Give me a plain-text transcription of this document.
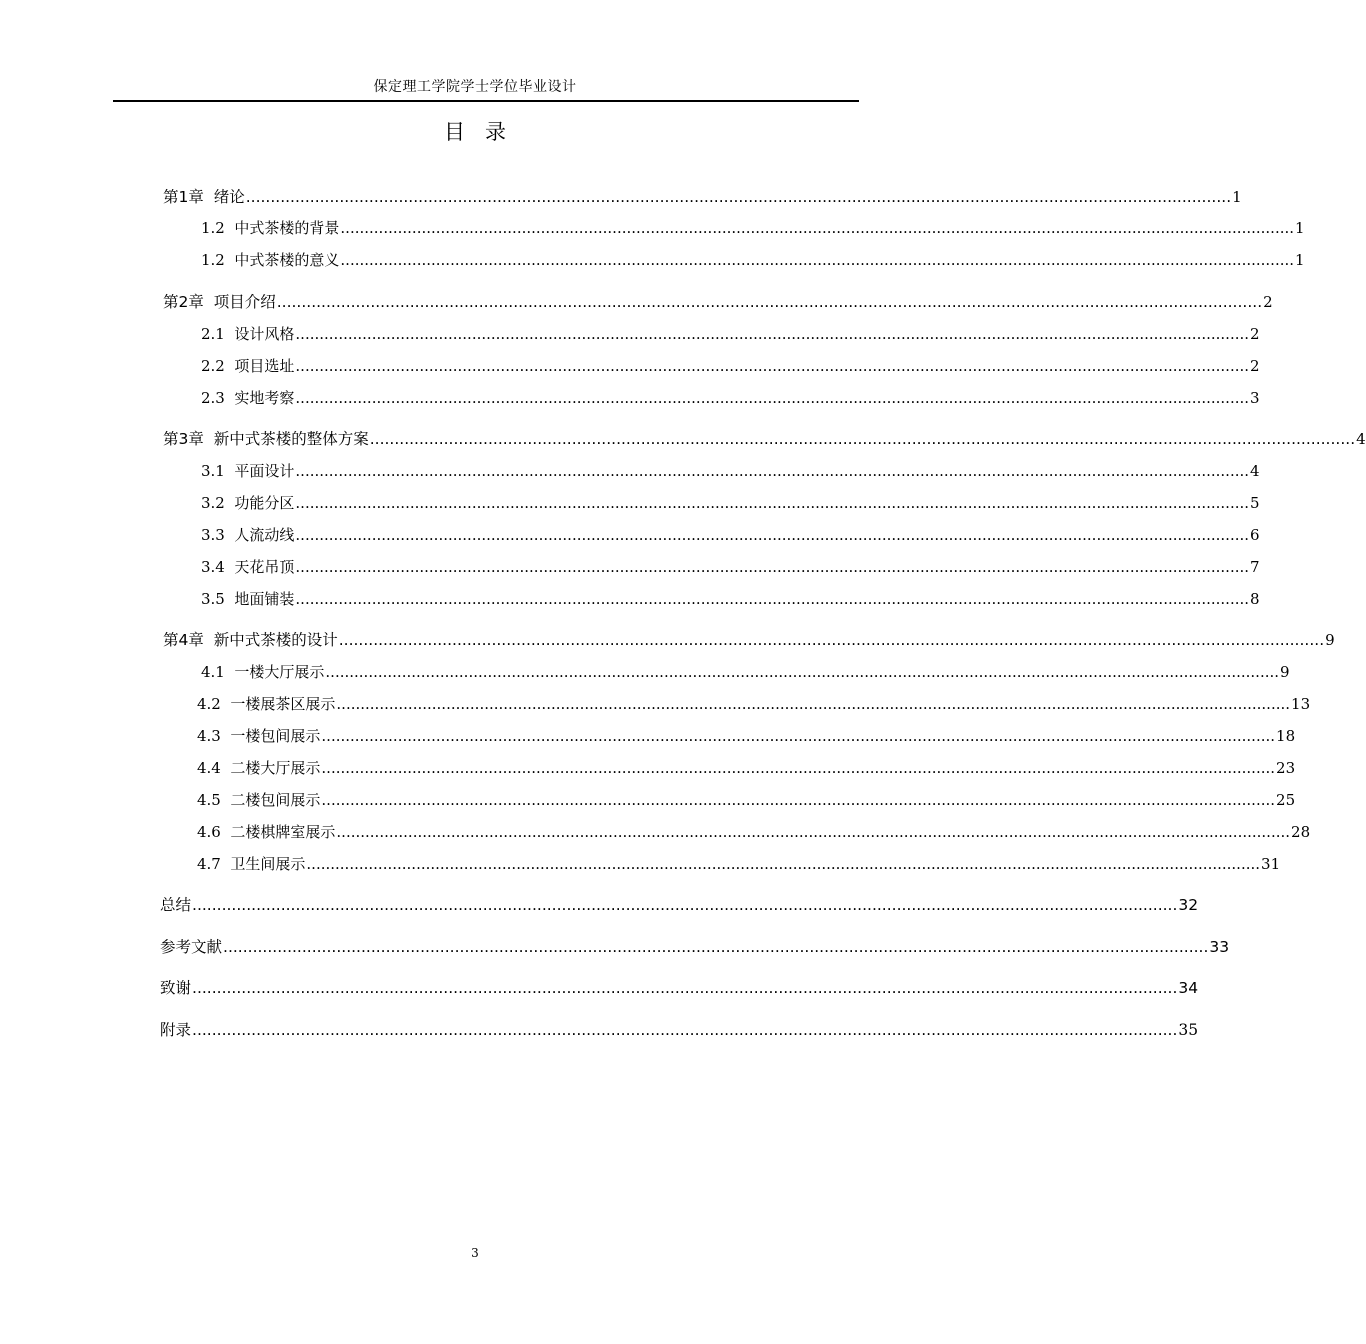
保定理工学院学士学位毕业设计
目录
第1章  绪论 ........................................................................................................................................................................................................ 1
1.2  中式茶楼的背景 ........................................................................................................................................................................................................ 1
1.2  中式茶楼的意义 ........................................................................................................................................................................................................ 1
第2章  项目介绍 ........................................................................................................................................................................................................ 2
2.1  设计风格 ........................................................................................................................................................................................................ 2
2.2  项目选址 ........................................................................................................................................................................................................ 2
2.3  实地考察 ........................................................................................................................................................................................................ 3
第3章  新中式茶楼的整体方案 ........................................................................................................................................................................................................ 4
3.1  平面设计 ........................................................................................................................................................................................................ 4
3.2  功能分区 ........................................................................................................................................................................................................ 5
3.3  人流动线 ........................................................................................................................................................................................................ 6
3.4  天花吊顶 ........................................................................................................................................................................................................ 7
3.5  地面铺装 ........................................................................................................................................................................................................ 8
第4章  新中式茶楼的设计 ........................................................................................................................................................................................................ 9
4.1  一楼大厅展示 ........................................................................................................................................................................................................ 9
4.2  一楼展茶区展示 ........................................................................................................................................................................................................ 13
4.3  一楼包间展示 ........................................................................................................................................................................................................ 18
4.4  二楼大厅展示 ........................................................................................................................................................................................................ 23
4.5  二楼包间展示 ........................................................................................................................................................................................................ 25
4.6  二楼棋牌室展示 ........................................................................................................................................................................................................ 28
4.7  卫生间展示 ........................................................................................................................................................................................................ 31
总结 ........................................................................................................................................................................................................ 32
参考文献 ........................................................................................................................................................................................................ 33
致谢 ........................................................................................................................................................................................................ 34
附录 ........................................................................................................................................................................................................ 35
3
